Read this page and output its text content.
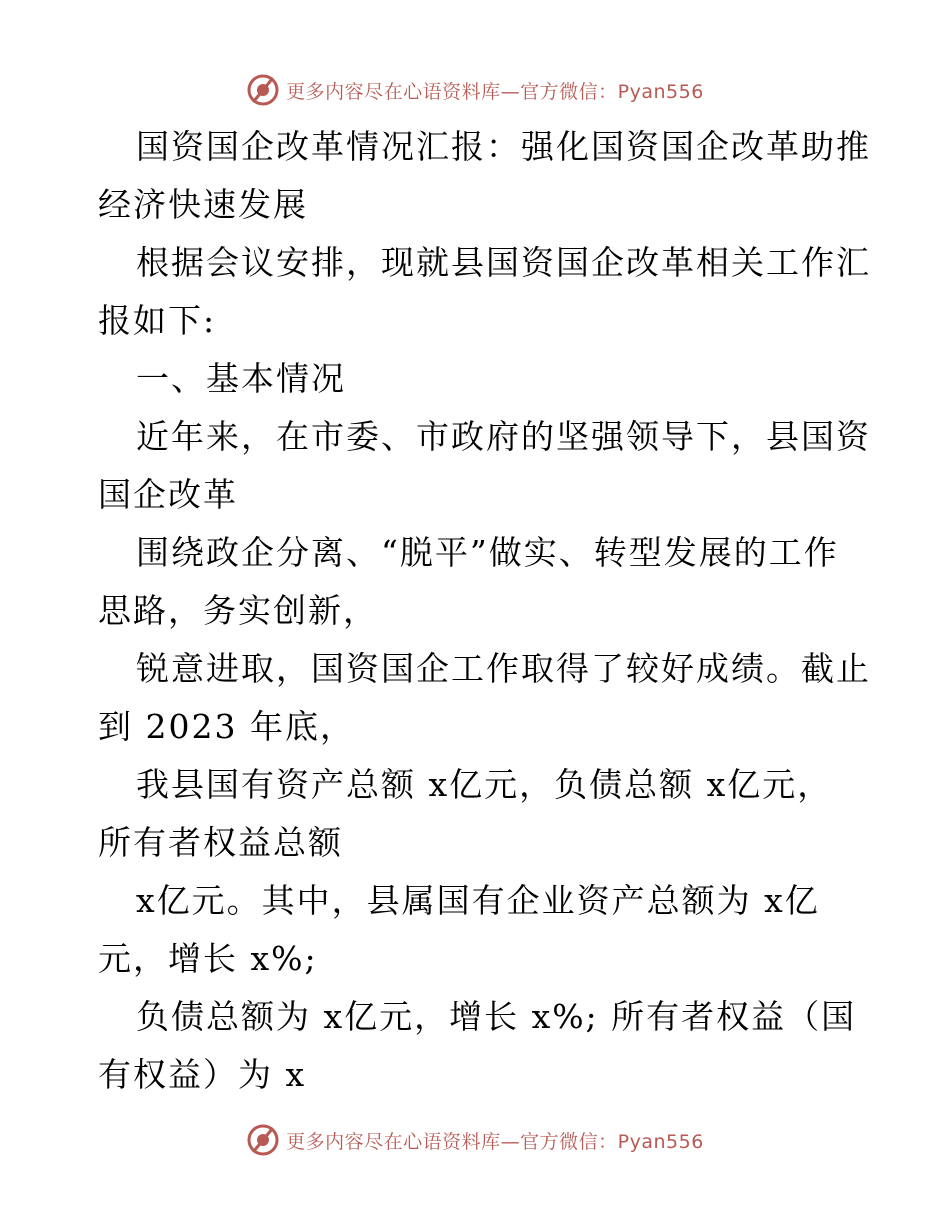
更多内容尽在心语资料库—官方微信：Pyan556
国资国企改革情况汇报：强化国资国企改革助推
经济快速发展
根据会议安排，现就县国资国企改革相关工作汇
报如下:
一、基本情况
近年来，在市委、市政府的坚强领导下，县国资
国企改革
围绕政企分离、“脱平”做实、转型发展的工作
思路，务实创新，
锐意进取，国资国企工作取得了较好成绩。截止
到 2023 年底，
我县国有资产总额 x亿元，负债总额 x亿元，
所有者权益总额
x亿元。其中，县属国有企业资产总额为 x亿
元，增长 x%;
负债总额为 x亿元，增长 x%; 所有者权益（国
有权益）为 x
更多内容尽在心语资料库—官方微信：Pyan556
